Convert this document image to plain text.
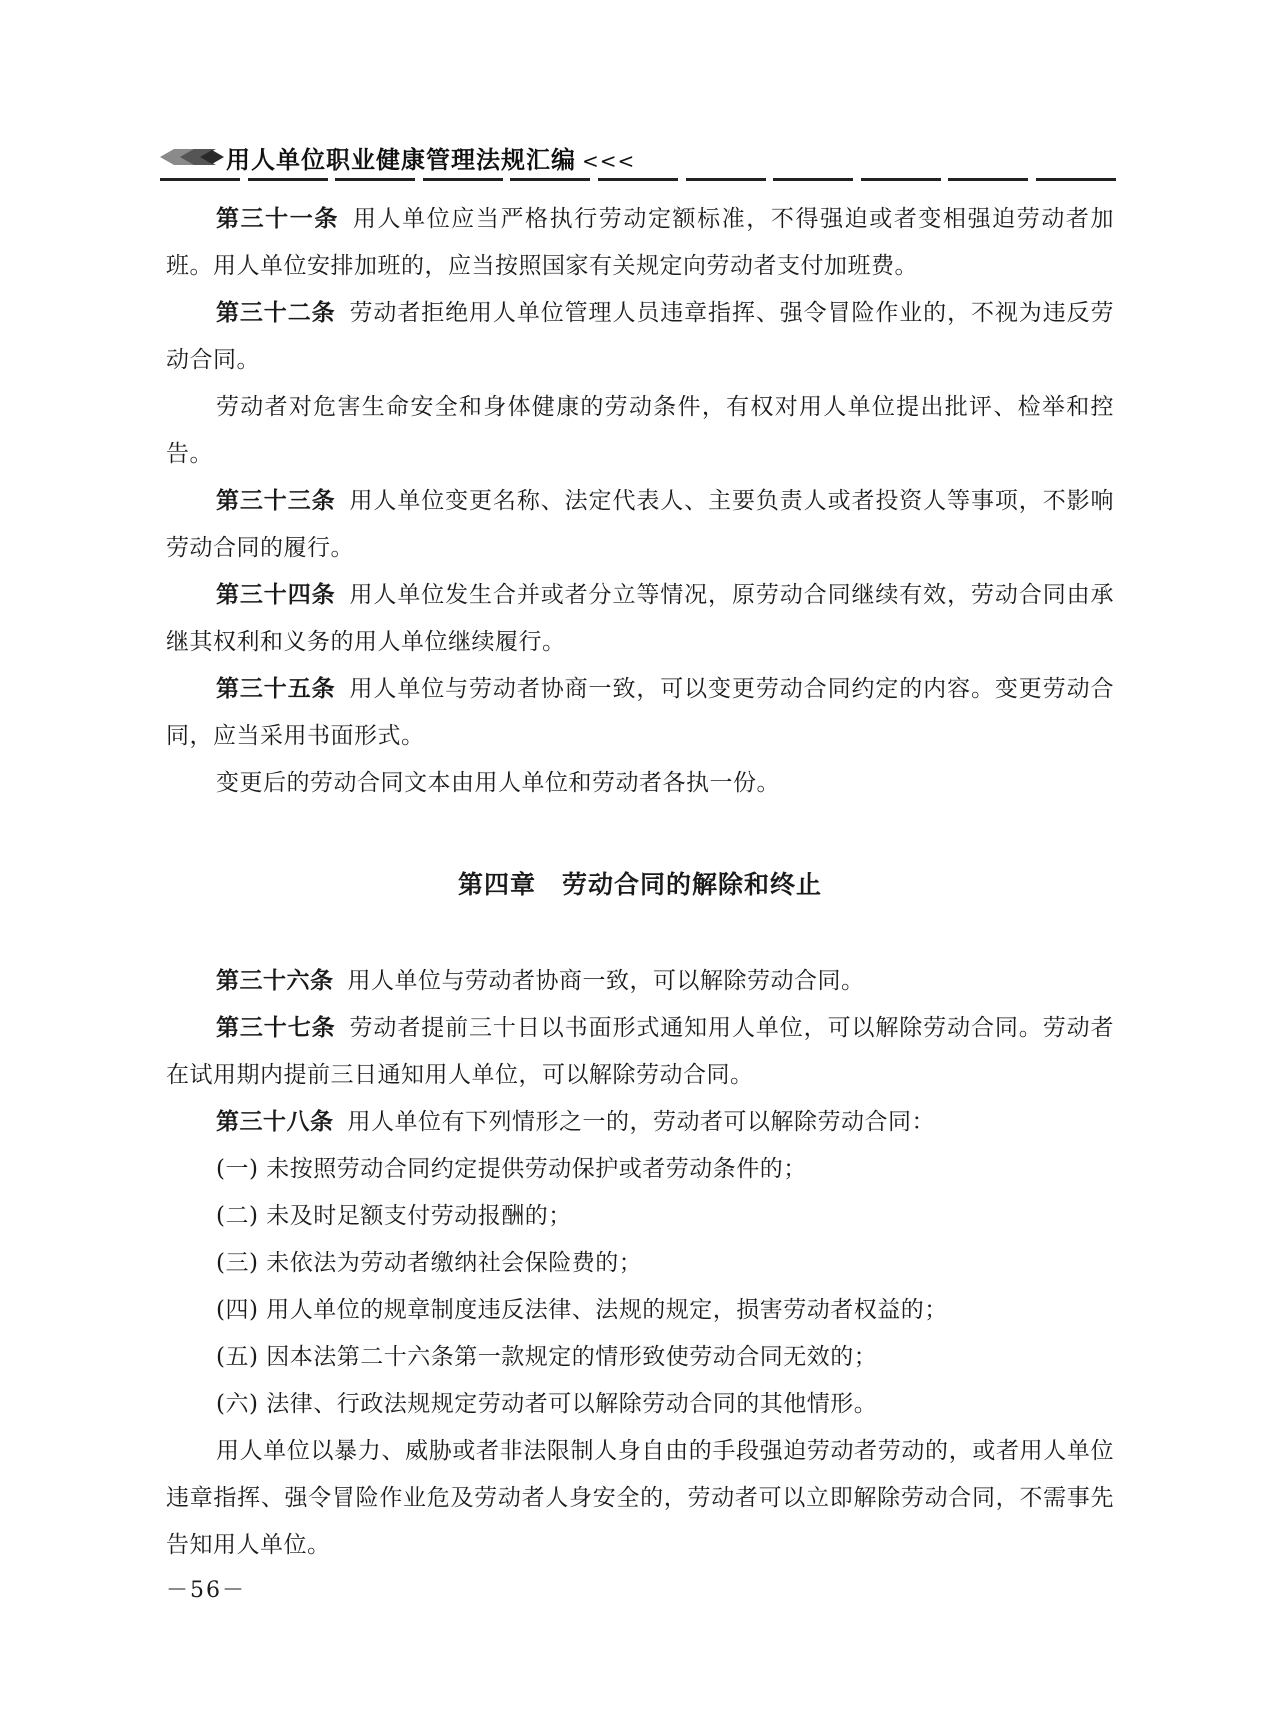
用人单位职业健康管理法规汇编 <<<

第三十一条 用人单位应当严格执行劳动定额标准，不得强迫或者变相强迫劳动者加班。用人单位安排加班的，应当按照国家有关规定向劳动者支付加班费。

第三十二条 劳动者拒绝用人单位管理人员违章指挥、强令冒险作业的，不视为违反劳动合同。

劳动者对危害生命安全和身体健康的劳动条件，有权对用人单位提出批评、检举和控告。

第三十三条 用人单位变更名称、法定代表人、主要负责人或者投资人等事项，不影响劳动合同的履行。

第三十四条 用人单位发生合并或者分立等情况，原劳动合同继续有效，劳动合同由承继其权利和义务的用人单位继续履行。

第三十五条 用人单位与劳动者协商一致，可以变更劳动合同约定的内容。变更劳动合同，应当采用书面形式。

变更后的劳动合同文本由用人单位和劳动者各执一份。

第四章　劳动合同的解除和终止

第三十六条 用人单位与劳动者协商一致，可以解除劳动合同。

第三十七条 劳动者提前三十日以书面形式通知用人单位，可以解除劳动合同。劳动者在试用期内提前三日通知用人单位，可以解除劳动合同。

第三十八条 用人单位有下列情形之一的，劳动者可以解除劳动合同：

(一) 未按照劳动合同约定提供劳动保护或者劳动条件的；

(二) 未及时足额支付劳动报酬的；

(三) 未依法为劳动者缴纳社会保险费的；

(四) 用人单位的规章制度违反法律、法规的规定，损害劳动者权益的；

(五) 因本法第二十六条第一款规定的情形致使劳动合同无效的；

(六) 法律、行政法规规定劳动者可以解除劳动合同的其他情形。

用人单位以暴力、威胁或者非法限制人身自由的手段强迫劳动者劳动的，或者用人单位违章指挥、强令冒险作业危及劳动者人身安全的，劳动者可以立即解除劳动合同，不需事先告知用人单位。

－56－
